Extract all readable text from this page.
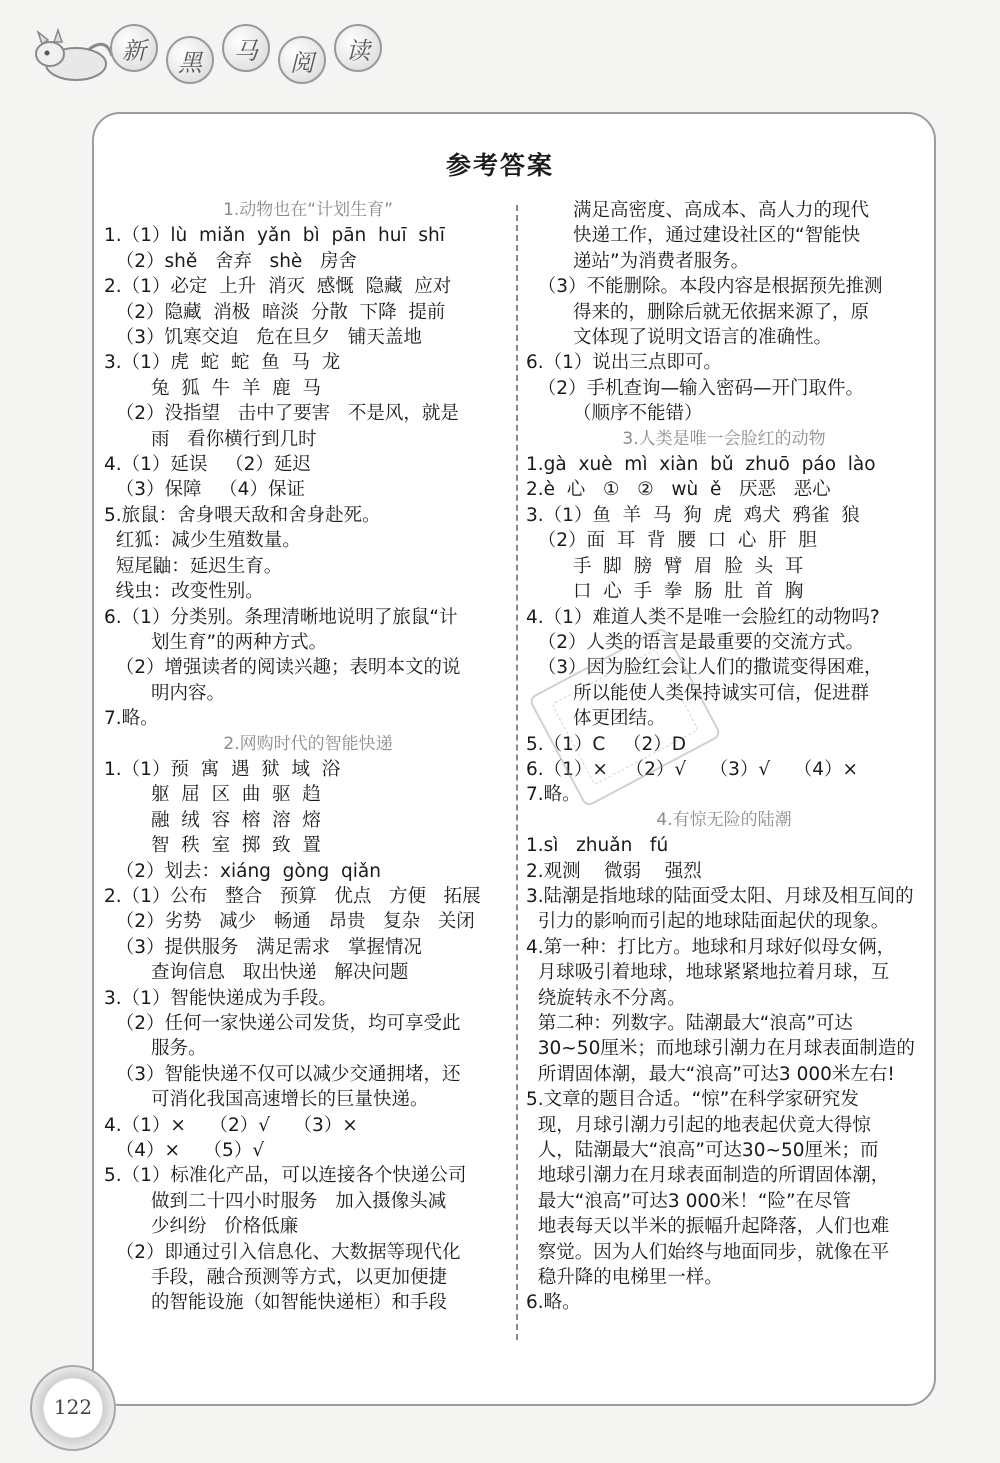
新	黑	马	阅	读
参考答案
1.动物也在“计划生育”
1.（1）lù  miǎn  yǎn  bì  pān  huī  shī
（2）shě   舍弃   shè   房舍
2.（1）必定  上升  消灭  感慨  隐藏  应对
（2）隐藏  消极  暗淡  分散  下降  提前
（3）饥寒交迫   危在旦夕   铺天盖地
3.（1）虎  蛇  蛇  鱼  马  龙
兔  狐  牛  羊  鹿  马
（2）没指望   击中了要害   不是风，就是
雨   看你横行到几时
4.（1）延误   （2）延迟
（3）保障   （4）保证
5.旅鼠：舍身喂天敌和舍身赴死。
红狐：减少生殖数量。
短尾鼬：延迟生育。
线虫：改变性别。
6.（1）分类别。条理清晰地说明了旅鼠“计
划生育”的两种方式。
（2）增强读者的阅读兴趣；表明本文的说
明内容。
7.略。
2.网购时代的智能快递
1.（1）预  寓  遇  狱  域  浴
躯  屈  区  曲  驱  趋
融  绒  容  榕  溶  熔
智  秩  室  掷  致  置
（2）划去：xiáng  gòng  qiǎn
2.（1）公布   整合   预算   优点   方便   拓展
（2）劣势   减少   畅通   昂贵   复杂   关闭
（3）提供服务   满足需求   掌握情况
查询信息   取出快递   解决问题
3.（1）智能快递成为手段。
（2）任何一家快递公司发货，均可享受此
服务。
（3）智能快递不仅可以减少交通拥堵，还
可消化我国高速增长的巨量快递。
4.（1）×    （2）√    （3）×
（4）×    （5）√
5.（1）标准化产品，可以连接各个快递公司
做到二十四小时服务   加入摄像头减
少纠纷   价格低廉
（2）即通过引入信息化、大数据等现代化
手段，融合预测等方式，以更加便捷
的智能设施（如智能快递柜）和手段
满足高密度、高成本、高人力的现代
快递工作，通过建设社区的“智能快
递站”为消费者服务。
（3）不能删除。本段内容是根据预先推测
得来的，删除后就无依据来源了，原
文体现了说明文语言的准确性。
6.（1）说出三点即可。
（2）手机查询—输入密码—开门取件。
（顺序不能错）
3.人类是唯一会脸红的动物
1.gà  xuè  mì  xiàn  bǔ  zhuō  páo  lào
2.è  心   ①   ②   wù  ě   厌恶   恶心
3.（1）鱼  羊  马  狗  虎  鸡犬  鸦雀  狼
（2）面  耳  背  腰  口  心  肝  胆
手  脚  膀  臂  眉  脸  头  耳
口  心  手  拳  肠  肚  首  胸
4.（1）难道人类不是唯一会脸红的动物吗?
（2）人类的语言是最重要的交流方式。
（3）因为脸红会让人们的撒谎变得困难，
所以能使人类保持诚实可信，促进群
体更团结。
5.（1）C   （2）D
6.（1）×   （2）√    （3）√    （4）×
7.略。
4.有惊无险的陆潮
1.sì   zhuǎn   fú
2.观测    微弱    强烈
3.陆潮是指地球的陆面受太阳、月球及相互间的
引力的影响而引起的地球陆面起伏的现象。
4.第一种：打比方。地球和月球好似母女俩，
月球吸引着地球，地球紧紧地拉着月球，互
绕旋转永不分离。
第二种：列数字。陆潮最大“浪高”可达
30~50厘米；而地球引潮力在月球表面制造的
所谓固体潮，最大“浪高”可达3 000米左右!
5.文章的题目合适。“惊”在科学家研究发
现，月球引潮力引起的地表起伏竟大得惊
人，陆潮最大“浪高”可达30~50厘米；而
地球引潮力在月球表面制造的所谓固体潮，
最大“浪高”可达3 000米！“险”在尽管
地表每天以半米的振幅升起降落，人们也难
察觉。因为人们始终与地面同步，就像在平
稳升降的电梯里一样。
6.略。
122
